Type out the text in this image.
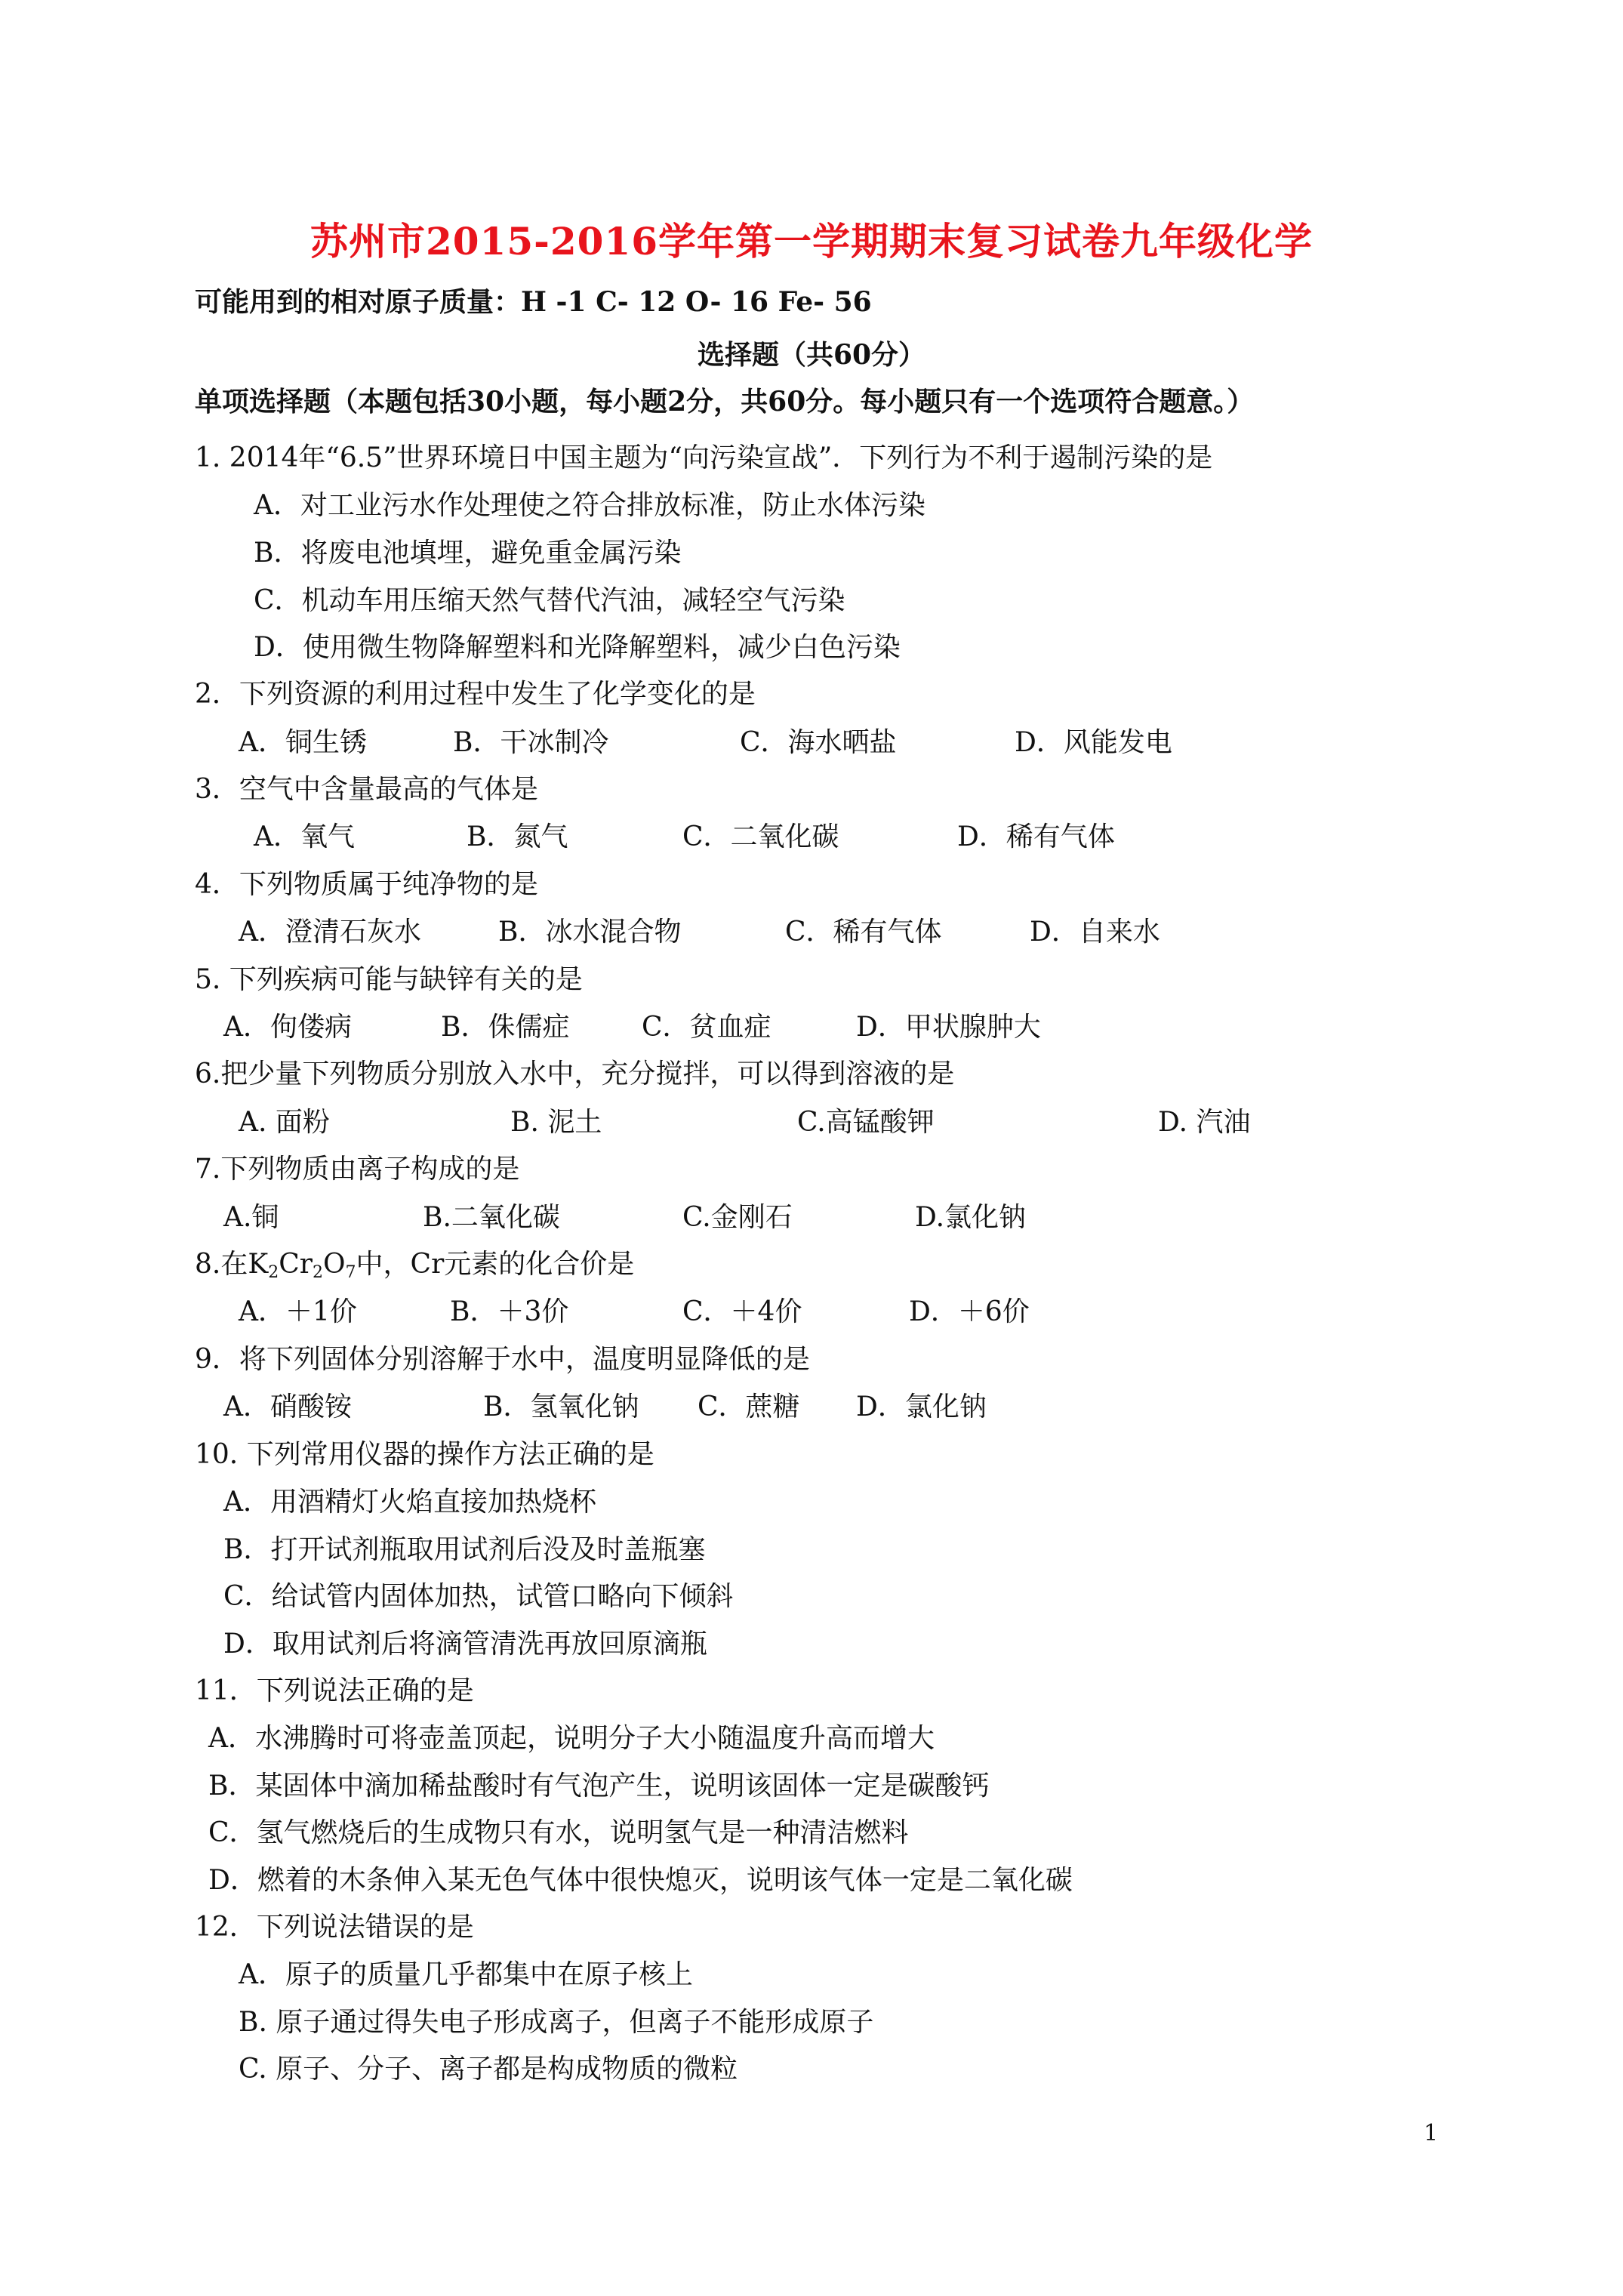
苏州市2015-2016学年第一学期期末复习试卷九年级化学
可能用到的相对原子质量：H -1 C- 12 O- 16 Fe- 56
选择题（共60分）
单项选择题（本题包括30小题，每小题2分，共60分。每小题只有一个选项符合题意。）
1. 2014年“6.5”世界环境日中国主题为“向污染宣战”．下列行为不利于遏制污染的是
A．对工业污水作处理使之符合排放标准，防止水体污染
B．将废电池填埋，避免重金属污染
C．机动车用压缩天然气替代汽油，减轻空气污染
D．使用微生物降解塑料和光降解塑料，减少白色污染
2．下列资源的利用过程中发生了化学变化的是
A．铜生锈	B．干冰制冷	C．海水晒盐	D．风能发电
3．空气中含量最高的气体是
A．氧气	B．氮气	C．二氧化碳	D．稀有气体
4．下列物质属于纯净物的是
A．澄清石灰水	B．冰水混合物	C．稀有气体	D．自来水
5. 下列疾病可能与缺锌有关的是
A．佝偻病	B．侏儒症	C．贫血症	D．甲状腺肿大
6.把少量下列物质分别放入水中，充分搅拌，可以得到溶液的是
A. 面粉	B. 泥土	C.高锰酸钾	D. 汽油
7.下列物质由离子构成的是
A.铜	B.二氧化碳	C.金刚石	D.氯化钠
8.在$K_2Cr_2O_7$中，Cr元素的化合价是
A．＋1价	B．＋3价	C．＋4价	D．＋6价
9．将下列固体分别溶解于水中，温度明显降低的是
A．硝酸铵	B．氢氧化钠 C．蔗糖 D．氯化钠
10. 下列常用仪器的操作方法正确的是
A．用酒精灯火焰直接加热烧杯
B．打开试剂瓶取用试剂后没及时盖瓶塞
C．给试管内固体加热，试管口略向下倾斜
D．取用试剂后将滴管清洗再放回原滴瓶
11．下列说法正确的是
A．水沸腾时可将壶盖顶起，说明分子大小随温度升高而增大
B．某固体中滴加稀盐酸时有气泡产生，说明该固体一定是碳酸钙
C．氢气燃烧后的生成物只有水，说明氢气是一种清洁燃料
D．燃着的木条伸入某无色气体中很快熄灭，说明该气体一定是二氧化碳
12．下列说法错误的是
A．原子的质量几乎都集中在原子核上
B. 原子通过得失电子形成离子，但离子不能形成原子
C. 原子、分子、离子都是构成物质的微粒
1
